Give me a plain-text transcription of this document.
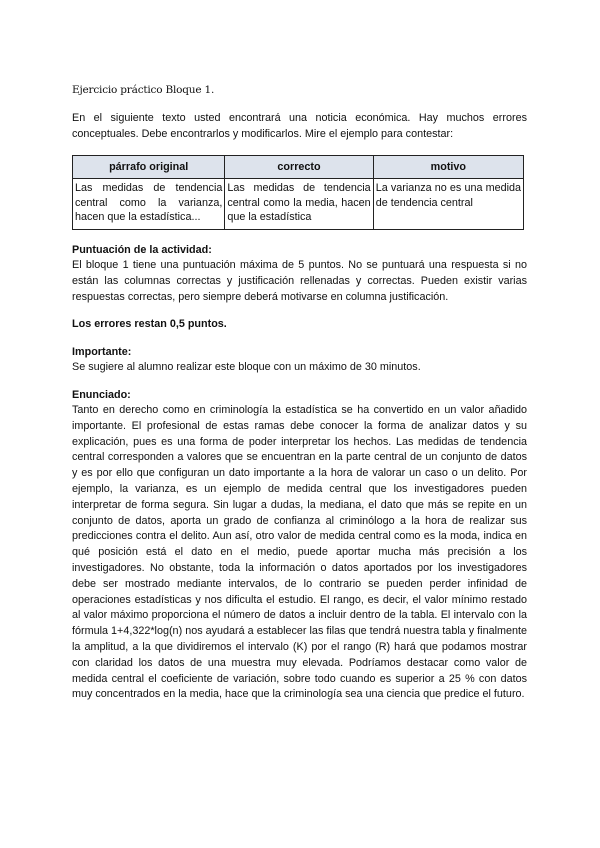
Ejercicio práctico Bloque 1.
En el siguiente texto usted encontrará una noticia económica. Hay muchos errores conceptuales. Debe encontrarlos y modificarlos. Mire el ejemplo para contestar:
párrafo original	correcto	motivo
Las medidas de tendencia central como la varianza, hacen que la estadística...	Las medidas de tendencia central como la media, hacen que la estadística	La varianza no es una medida de tendencia central
Puntuación de la actividad:
El bloque 1 tiene una puntuación máxima de 5 puntos. No se puntuará una respuesta si no están las columnas correctas y justificación rellenadas y correctas. Pueden existir varias respuestas correctas, pero siempre deberá motivarse en columna justificación.
Los errores restan 0,5 puntos.
Importante:
Se sugiere al alumno realizar este bloque con un máximo de 30 minutos.
Enunciado:
Tanto en derecho como en criminología la estadística se ha convertido en un valor añadido importante. El profesional de estas ramas debe conocer la forma de analizar datos y su explicación, pues es una forma de poder interpretar los hechos. Las medidas de tendencia central corresponden a valores que se encuentran en la parte central de un conjunto de datos y es por ello que configuran un dato importante a la hora de valorar un caso o un delito. Por ejemplo, la varianza, es un ejemplo de medida central que los investigadores pueden interpretar de forma segura. Sin lugar a dudas, la mediana, el dato que más se repite en un conjunto de datos, aporta un grado de confianza al criminólogo a la hora de realizar sus predicciones contra el delito. Aun así, otro valor de medida central como es la moda, indica en qué posición está el dato en el medio, puede aportar mucha más precisión a los investigadores. No obstante, toda la información o datos aportados por los investigadores debe ser mostrado mediante intervalos, de lo contrario se pueden perder infinidad de operaciones estadísticas y nos dificulta el estudio. El rango, es decir, el valor mínimo restado al valor máximo proporciona el número de datos a incluir dentro de la tabla. El intervalo con la fórmula 1+4,322*log(n) nos ayudará a establecer las filas que tendrá nuestra tabla y finalmente la amplitud, a la que dividiremos el intervalo (K) por el rango (R) hará que podamos mostrar con claridad los datos de una muestra muy elevada. Podríamos destacar como valor de medida central el coeficiente de variación, sobre todo cuando es superior a 25 % con datos muy concentrados en la media, hace que la criminología sea una ciencia que predice el futuro.
